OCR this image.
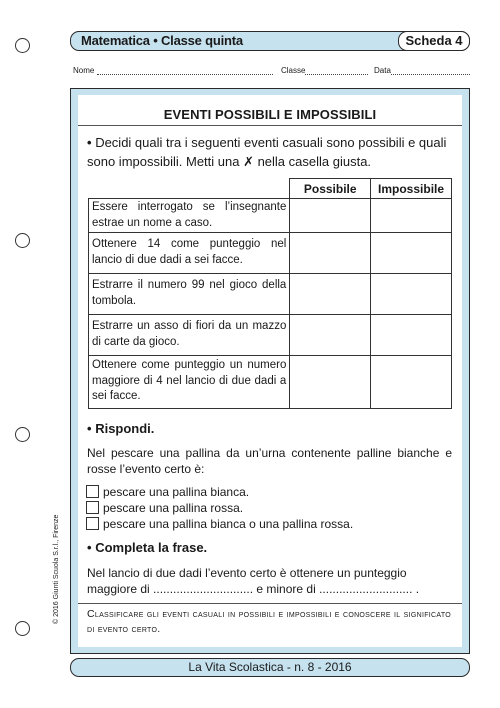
Matematica • Classe quinta	Scheda 4
Nome	Classe	Data
EVENTI POSSIBILI E IMPOSSIBILI
• Decidi quali tra i seguenti eventi casuali sono possibili e quali sono impossibili. Metti una ✗ nella casella giusta.
	Possibile	Impossibile
Essere interrogato se l’insegnante estrae un nome a caso.		
Ottenere 14 come punteggio nel lancio di due dadi a sei facce.		
Estrarre il numero 99 nel gioco della tombola.		
Estrarre un asso di fiori da un mazzo di carte da gioco.		
Ottenere come punteggio un numero maggiore di 4 nel lancio di due dadi a sei facce.		
• Rispondi.
Nel pescare una pallina da un’urna contenente palline bianche e rosse l’evento certo è:
pescare una pallina bianca.
pescare una pallina rossa.
pescare una pallina bianca o una pallina rossa.
• Completa la frase.
Nel lancio di due dadi l’evento certo è ottenere un punteggio
maggiore di .............................. e minore di ............................ .
Classificare gli eventi casuali in possibili e impossibili e conoscere il significato di evento certo.
© 2016 Giunti Scuola S.r.l., Firenze
La Vita Scolastica - n. 8 - 2016
